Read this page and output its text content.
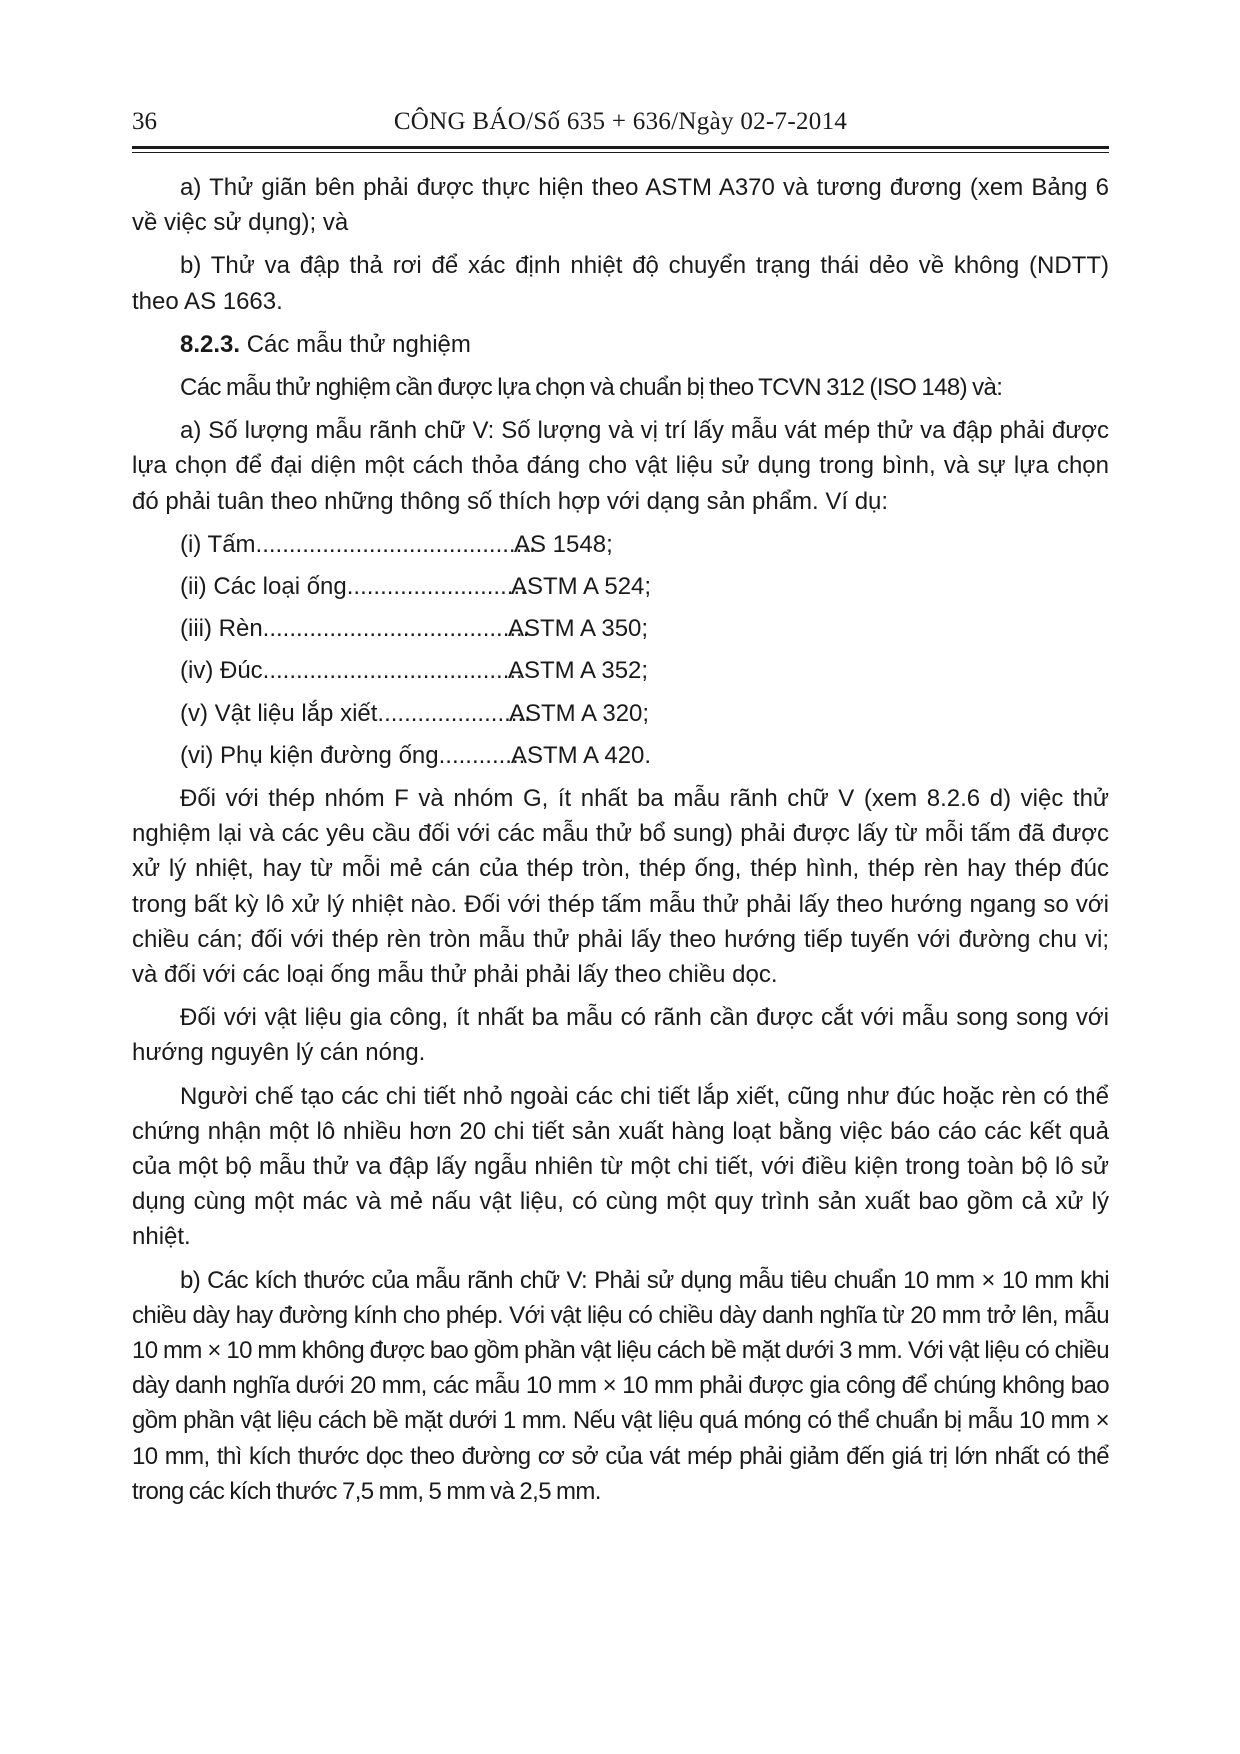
36	CÔNG BÁO/Số 635 + 636/Ngày 02-7-2014

a) Thử giãn bên phải được thực hiện theo ASTM A370 và tương đương (xem Bảng 6 về việc sử dụng); và

b) Thử va đập thả rơi để xác định nhiệt độ chuyển trạng thái dẻo về không (NDTT) theo AS 1663.

8.2.3. Các mẫu thử nghiệm

Các mẫu thử nghiệm cần được lựa chọn và chuẩn bị theo TCVN 312 (ISO 148) và:

a) Số lượng mẫu rãnh chữ V: Số lượng và vị trí lấy mẫu vát mép thử va đập phải được lựa chọn để đại diện một cách thỏa đáng cho vật liệu sử dụng trong bình, và sự lựa chọn đó phải tuân theo những thông số thích hợp với dạng sản phẩm. Ví dụ:

(i) Tấm..........................................
AS 1548;
(ii) Các loại ống...........................
ASTM A 524;
(iii) Rèn........................................
ASTM A 350;
(iv) Đúc.......................................
ASTM A 352;
(v) Vật liệu lắp xiết.......................
ASTM A 320;
(vi) Phụ kiện đường ống.............
ASTM A 420.

Đối với thép nhóm F và nhóm G, ít nhất ba mẫu rãnh chữ V (xem 8.2.6 d) việc thử nghiệm lại và các yêu cầu đối với các mẫu thử bổ sung) phải được lấy từ mỗi tấm đã được xử lý nhiệt, hay từ mỗi mẻ cán của thép tròn, thép ống, thép hình, thép rèn hay thép đúc trong bất kỳ lô xử lý nhiệt nào. Đối với thép tấm mẫu thử phải lấy theo hướng ngang so với chiều cán; đối với thép rèn tròn mẫu thử phải lấy theo hướng tiếp tuyến với đường chu vi; và đối với các loại ống mẫu thử phải phải lấy theo chiều dọc.

Đối với vật liệu gia công, ít nhất ba mẫu có rãnh cần được cắt với mẫu song song với hướng nguyên lý cán nóng.

Người chế tạo các chi tiết nhỏ ngoài các chi tiết lắp xiết, cũng như đúc hoặc rèn có thể chứng nhận một lô nhiều hơn 20 chi tiết sản xuất hàng loạt bằng việc báo cáo các kết quả của một bộ mẫu thử va đập lấy ngẫu nhiên từ một chi tiết, với điều kiện trong toàn bộ lô sử dụng cùng một mác và mẻ nấu vật liệu, có cùng một quy trình sản xuất bao gồm cả xử lý nhiệt.

b) Các kích thước của mẫu rãnh chữ V: Phải sử dụng mẫu tiêu chuẩn 10 mm × 10 mm khi chiều dày hay đường kính cho phép. Với vật liệu có chiều dày danh nghĩa từ 20 mm trở lên, mẫu 10 mm × 10 mm không được bao gồm phần vật liệu cách bề mặt dưới 3 mm. Với vật liệu có chiều dày danh nghĩa dưới 20 mm, các mẫu 10 mm × 10 mm phải được gia công để chúng không bao gồm phần vật liệu cách bề mặt dưới 1 mm. Nếu vật liệu quá móng có thể chuẩn bị mẫu 10 mm × 10 mm, thì kích thước dọc theo đường cơ sở của vát mép phải giảm đến giá trị lớn nhất có thể trong các kích thước 7,5 mm, 5 mm và 2,5 mm.
